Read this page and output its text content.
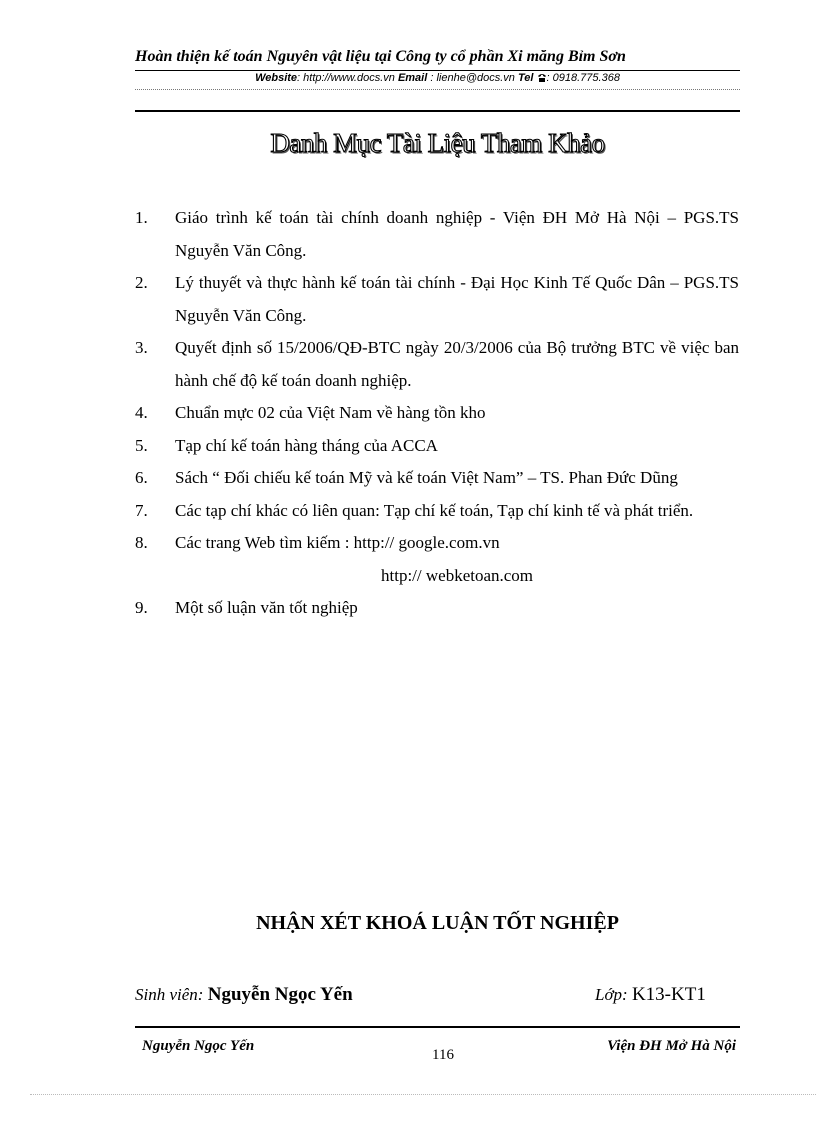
Hoàn thiện kế toán Nguyên vật liệu tại Công ty cổ phần Xi măng Bỉm Sơn
Website: http://www.docs.vn Email : lienhe@docs.vn Tel : 0918.775.368
Danh Mục Tài Liệu Tham Khảo
1. Giáo trình kế toán tài chính doanh nghiệp - Viện ĐH Mở Hà Nội – PGS.TS Nguyễn Văn Công.
2. Lý thuyết và thực hành kế toán tài chính - Đại Học Kinh Tế Quốc Dân – PGS.TS Nguyễn Văn Công.
3. Quyết định số 15/2006/QĐ-BTC ngày 20/3/2006 của Bộ trưởng BTC về việc ban hành chế độ kế toán doanh nghiệp.
4. Chuẩn mực 02 của Việt Nam về hàng tồn kho
5. Tạp chí kế toán hàng tháng của ACCA
6. Sách “ Đối chiếu kế toán Mỹ và kế toán Việt Nam” – TS. Phan Đức Dũng
7. Các tạp chí khác có liên quan: Tạp chí kế toán, Tạp chí kinh tế và phát triển.
8. Các trang Web tìm kiếm : http:// google.com.vn
http:// webketoan.com
9. Một số luận văn tốt nghiệp
NHẬN XÉT KHOÁ LUẬN TỐT NGHIỆP
Sinh viên: Nguyễn Ngọc Yến	Lớp: K13-KT1
Nguyễn Ngọc Yến
116
Viện ĐH Mở Hà Nội
